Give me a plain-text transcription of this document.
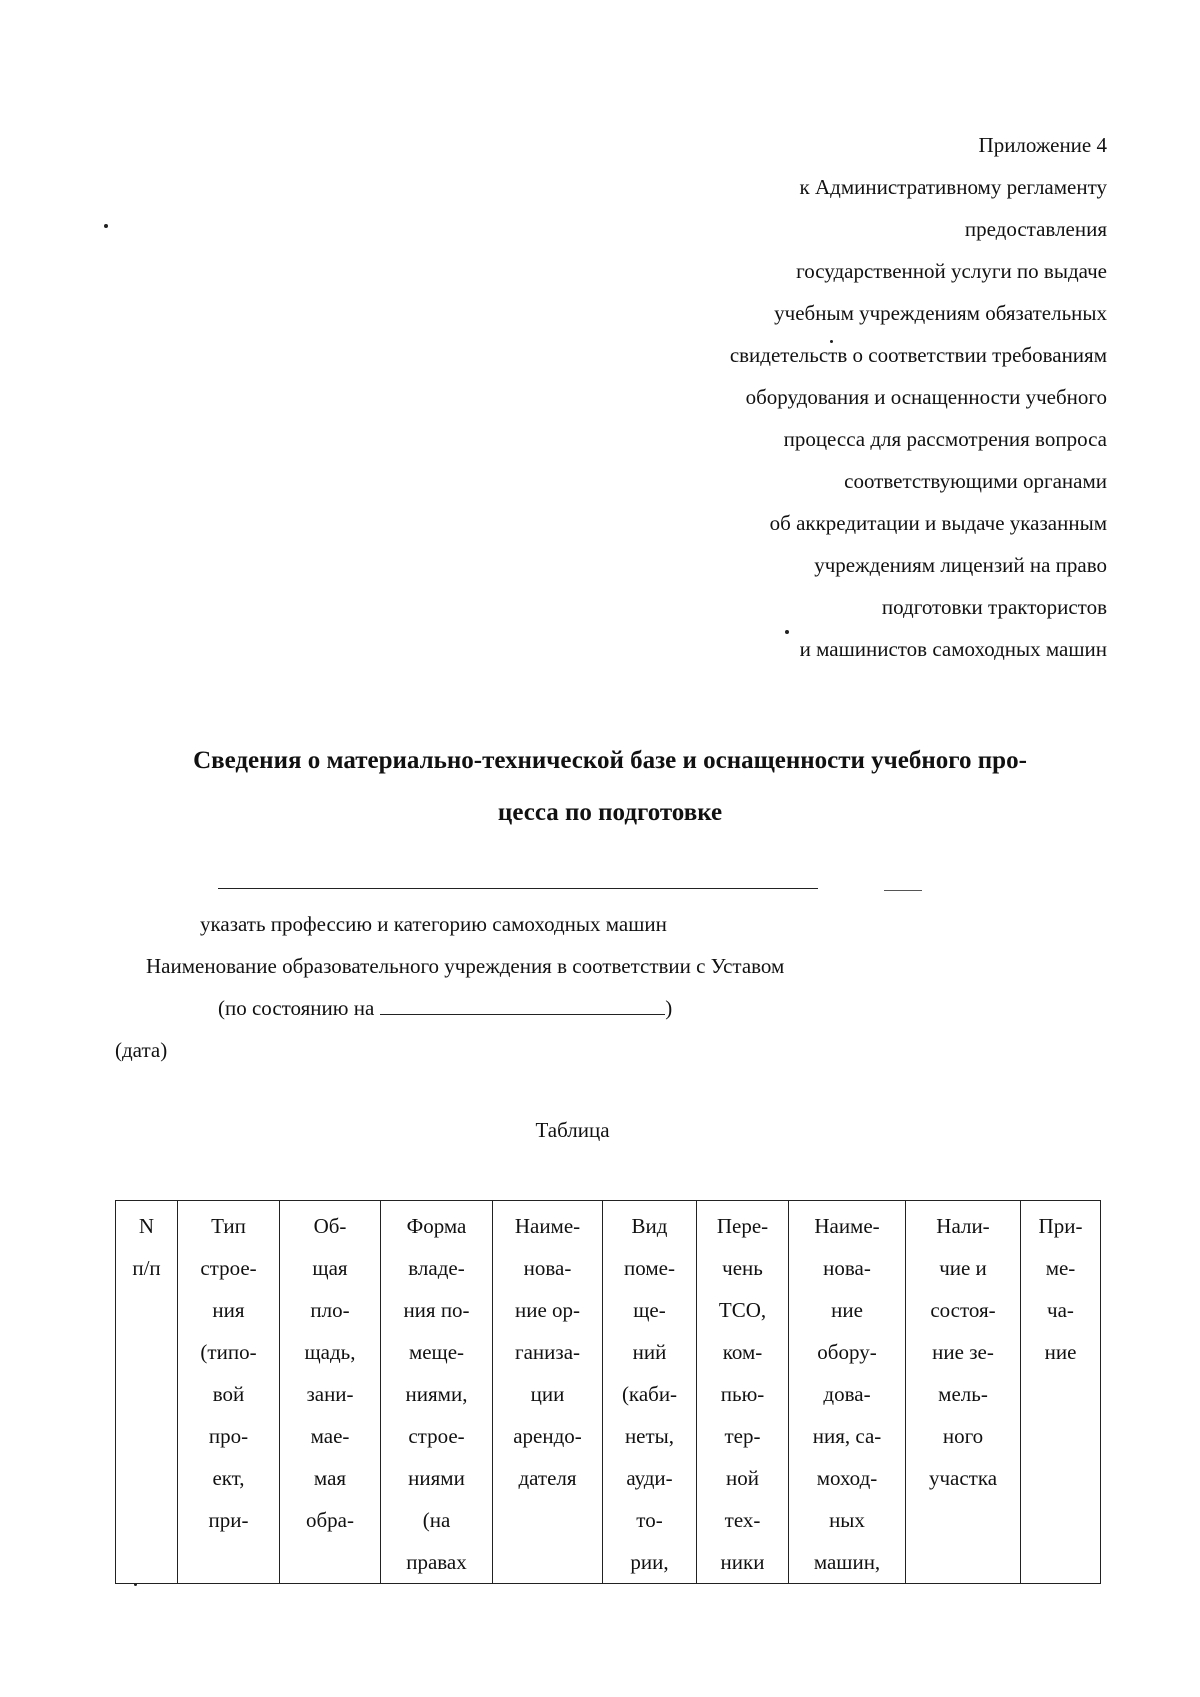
Приложение 4
к Административному регламенту
предоставления
государственной услуги по выдаче
учебным учреждениям обязательных
свидетельств о соответствии требованиям
оборудования и оснащенности учебного
процесса для рассмотрения вопроса
соответствующими органами
об аккредитации и выдаче указанным
учреждениям лицензий на право
подготовки трактористов
и машинистов самоходных машин
Сведения о материально-технической базе и оснащенности учебного про-
цесса по подготовке
указать профессию и категорию самоходных машин
Наименование образовательного учреждения в соответствии с Уставом
(по состоянию на	)
(дата)
Таблица
N
п/п

Тип
строе-
ния
(типо-
вой
про-
ект,
при-

Об-
щая
пло-
щадь,
зани-
мае-
мая
обра-

Форма
владе-
ния по-
меще-
ниями,
строе-
ниями
(на
правах

Наиме-
нова-
ние ор-
ганиза-
ции
арендо-
дателя

Вид
поме-
ще-
ний
(каби-
неты,
ауди-
то-
рии,

Пере-
чень
ТСО,
ком-
пью-
тер-
ной
тех-
ники

Наиме-
нова-
ние
обору-
дова-
ния, са-
моход-
ных
машин,

Нали-
чие и
состоя-
ние зе-
мель-
ного
участка

При-
ме-
ча-
ние
